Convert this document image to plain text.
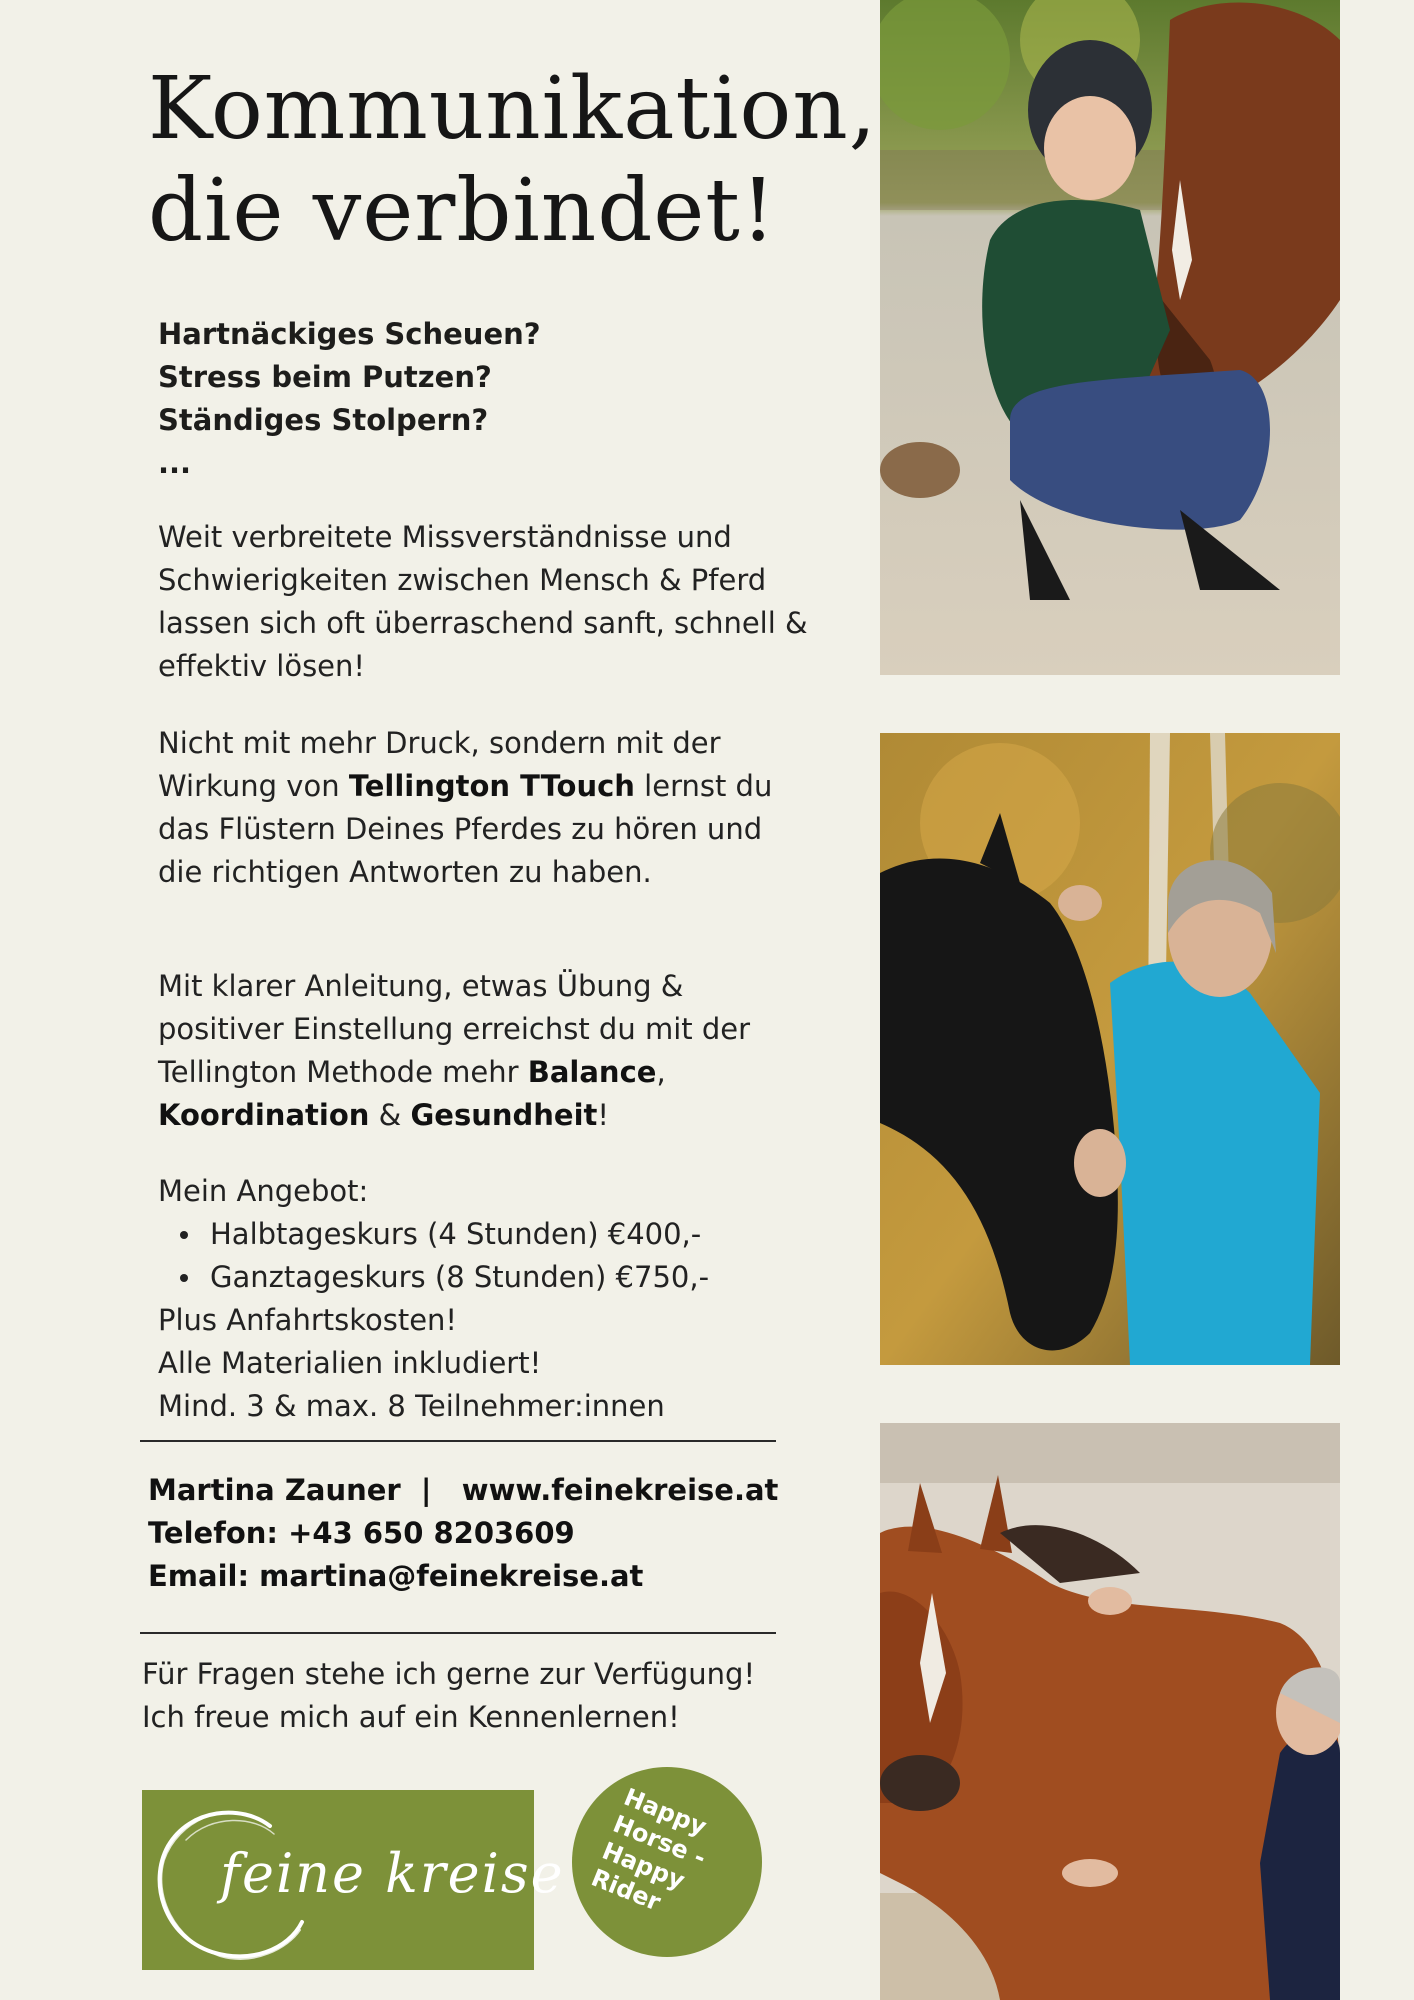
Kommunikation,
die verbindet!
Hartnäckiges Scheuen?
Stress beim Putzen?
Ständiges Stolpern?
...

Weit verbreitete Missverständnisse und Schwierigkeiten zwischen Mensch & Pferd lassen sich oft überraschend sanft, schnell & effektiv lösen!

Nicht mit mehr Druck, sondern mit der Wirkung von Tellington TTouch lernst du das Flüstern Deines Pferdes zu hören und die richtigen Antworten zu haben.

Mit klarer Anleitung, etwas Übung & positiver Einstellung erreichst du mit der Tellington Methode mehr Balance, Koordination & Gesundheit!

Mein Angebot:
Halbtageskurs (4 Stunden) €400,-
Ganztageskurs (8 Stunden) €750,-
Plus Anfahrtskosten!
Alle Materialien inkludiert!
Mind. 3 & max. 8 Teilnehmer:innen
Martina Zauner  |   www.feinekreise.at
Telefon: +43 650 8203609
Email: martina@feinekreise.at
Für Fragen stehe ich gerne zur Verfügung!
Ich freue mich auf ein Kennenlernen!
feine kreise
Happy
Horse -
Happy
Rider
